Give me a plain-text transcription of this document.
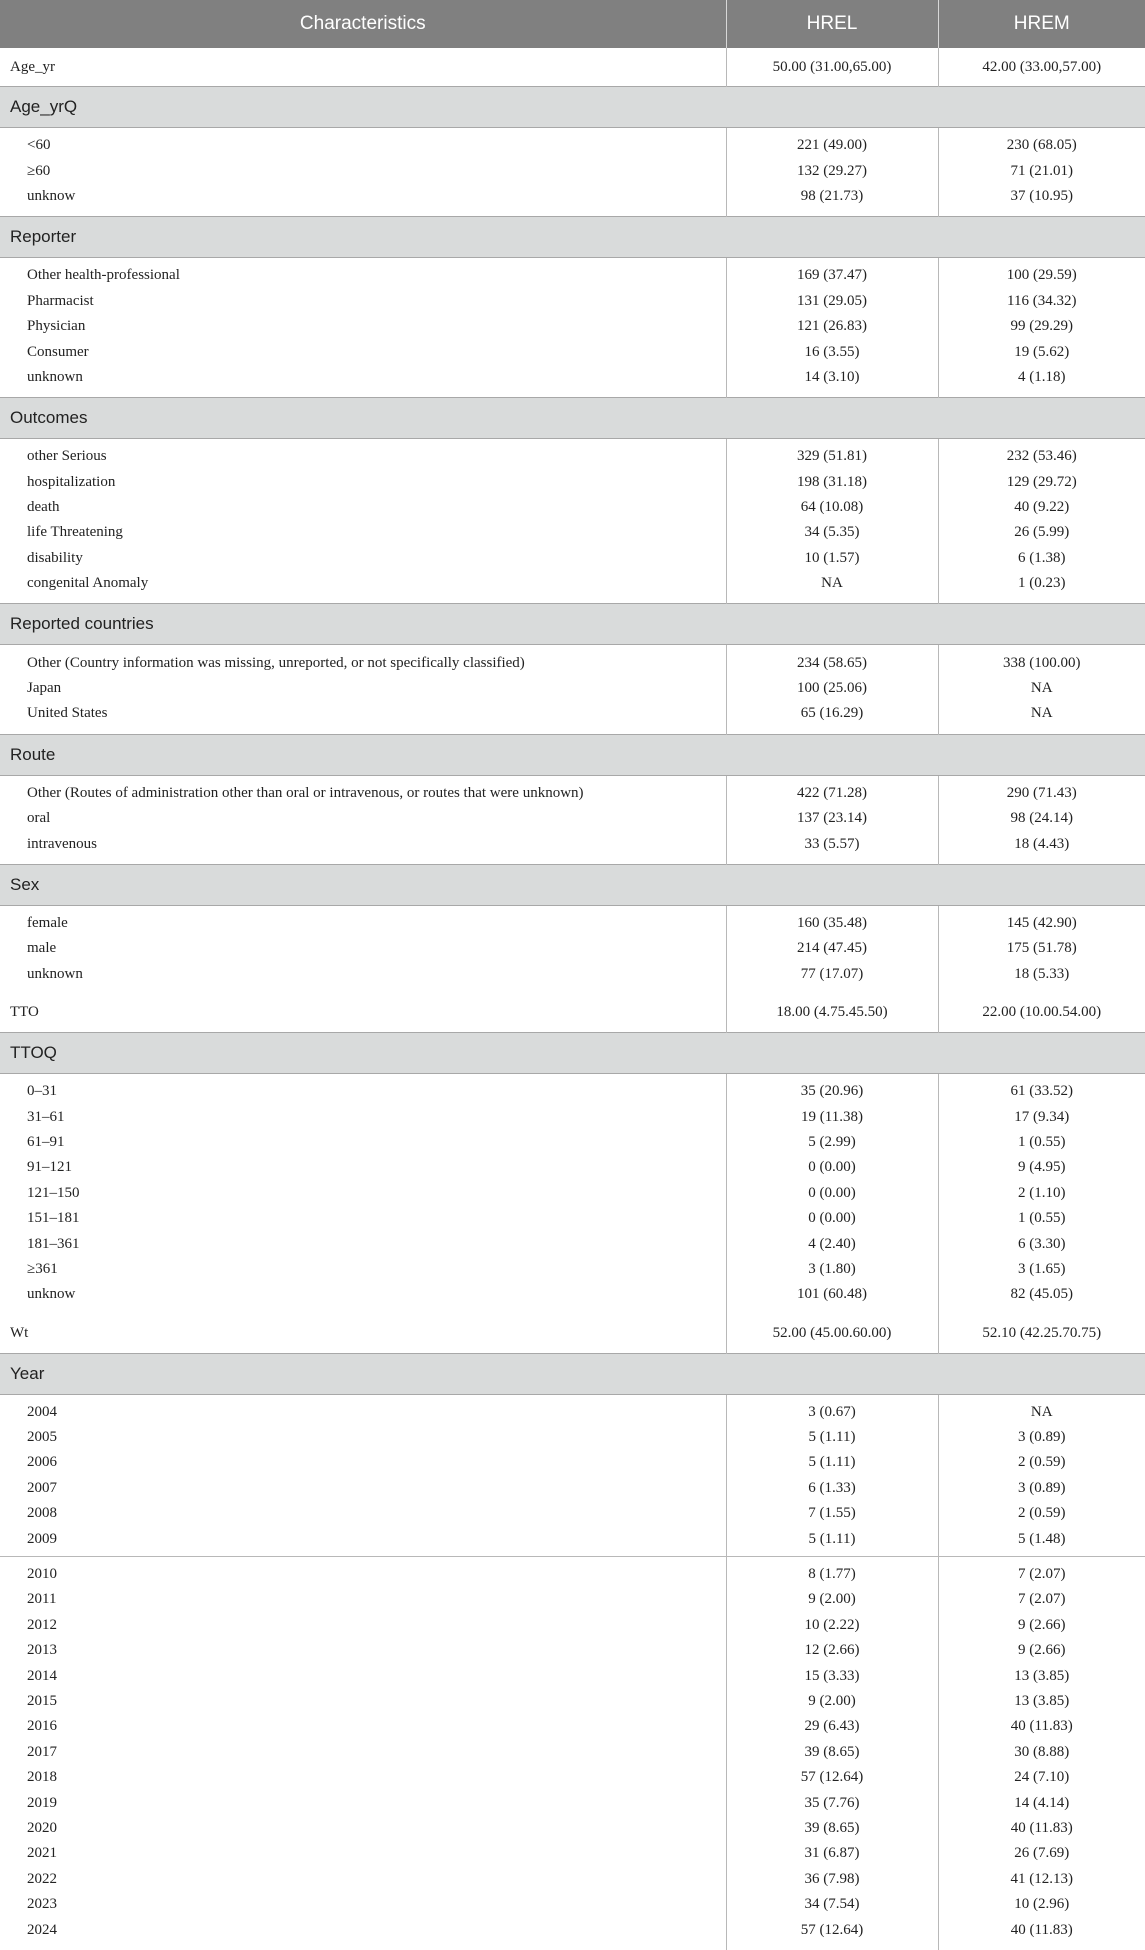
Characteristics	HREL	HREM
Age_yr	50.00 (31.00,65.00)	42.00 (33.00,57.00)
Age_yrQ		

<60	221 (49.00)	230 (68.05)
≥60	132 (29.27)	71 (21.01)
unknow	98 (21.73)	37 (10.95)

Reporter		

Other health-professional	169 (37.47)	100 (29.59)
Pharmacist	131 (29.05)	116 (34.32)
Physician	121 (26.83)	99 (29.29)
Consumer	16 (3.55)	19 (5.62)
unknown	14 (3.10)	4 (1.18)

Outcomes		

other Serious	329 (51.81)	232 (53.46)
hospitalization	198 (31.18)	129 (29.72)
death	64 (10.08)	40 (9.22)
life Threatening	34 (5.35)	26 (5.99)
disability	10 (1.57)	6 (1.38)
congenital Anomaly	NA	1 (0.23)

Reported countries		

Other (Country information was missing, unreported, or not specifically classified)	234 (58.65)	338 (100.00)
Japan	100 (25.06)	NA
United States	65 (16.29)	NA

Route		

Other (Routes of administration other than oral or intravenous, or routes that were unknown)	422 (71.28)	290 (71.43)
oral	137 (23.14)	98 (24.14)
intravenous	33 (5.57)	18 (4.43)

Sex		

female	160 (35.48)	145 (42.90)
male	214 (47.45)	175 (51.78)
unknown	77 (17.07)	18 (5.33)

TTO	18.00 (4.75.45.50)	22.00 (10.00.54.00)
TTOQ		

0–31	35 (20.96)	61 (33.52)
31–61	19 (11.38)	17 (9.34)
61–91	5 (2.99)	1 (0.55)
91–121	0 (0.00)	9 (4.95)
121–150	0 (0.00)	2 (1.10)
151–181	0 (0.00)	1 (0.55)
181–361	4 (2.40)	6 (3.30)
≥361	3 (1.80)	3 (1.65)
unknow	101 (60.48)	82 (45.05)

Wt	52.00 (45.00.60.00)	52.10 (42.25.70.75)
Year		

2004	3 (0.67)	NA
2005	5 (1.11)	3 (0.89)
2006	5 (1.11)	2 (0.59)
2007	6 (1.33)	3 (0.89)
2008	7 (1.55)	2 (0.59)
2009	5 (1.11)	5 (1.48)

2010	8 (1.77)	7 (2.07)
2011	9 (2.00)	7 (2.07)
2012	10 (2.22)	9 (2.66)
2013	12 (2.66)	9 (2.66)
2014	15 (3.33)	13 (3.85)
2015	9 (2.00)	13 (3.85)
2016	29 (6.43)	40 (11.83)
2017	39 (8.65)	30 (8.88)
2018	57 (12.64)	24 (7.10)
2019	35 (7.76)	14 (4.14)
2020	39 (8.65)	40 (11.83)
2021	31 (6.87)	26 (7.69)
2022	36 (7.98)	41 (12.13)
2023	34 (7.54)	10 (2.96)
2024	57 (12.64)	40 (11.83)
